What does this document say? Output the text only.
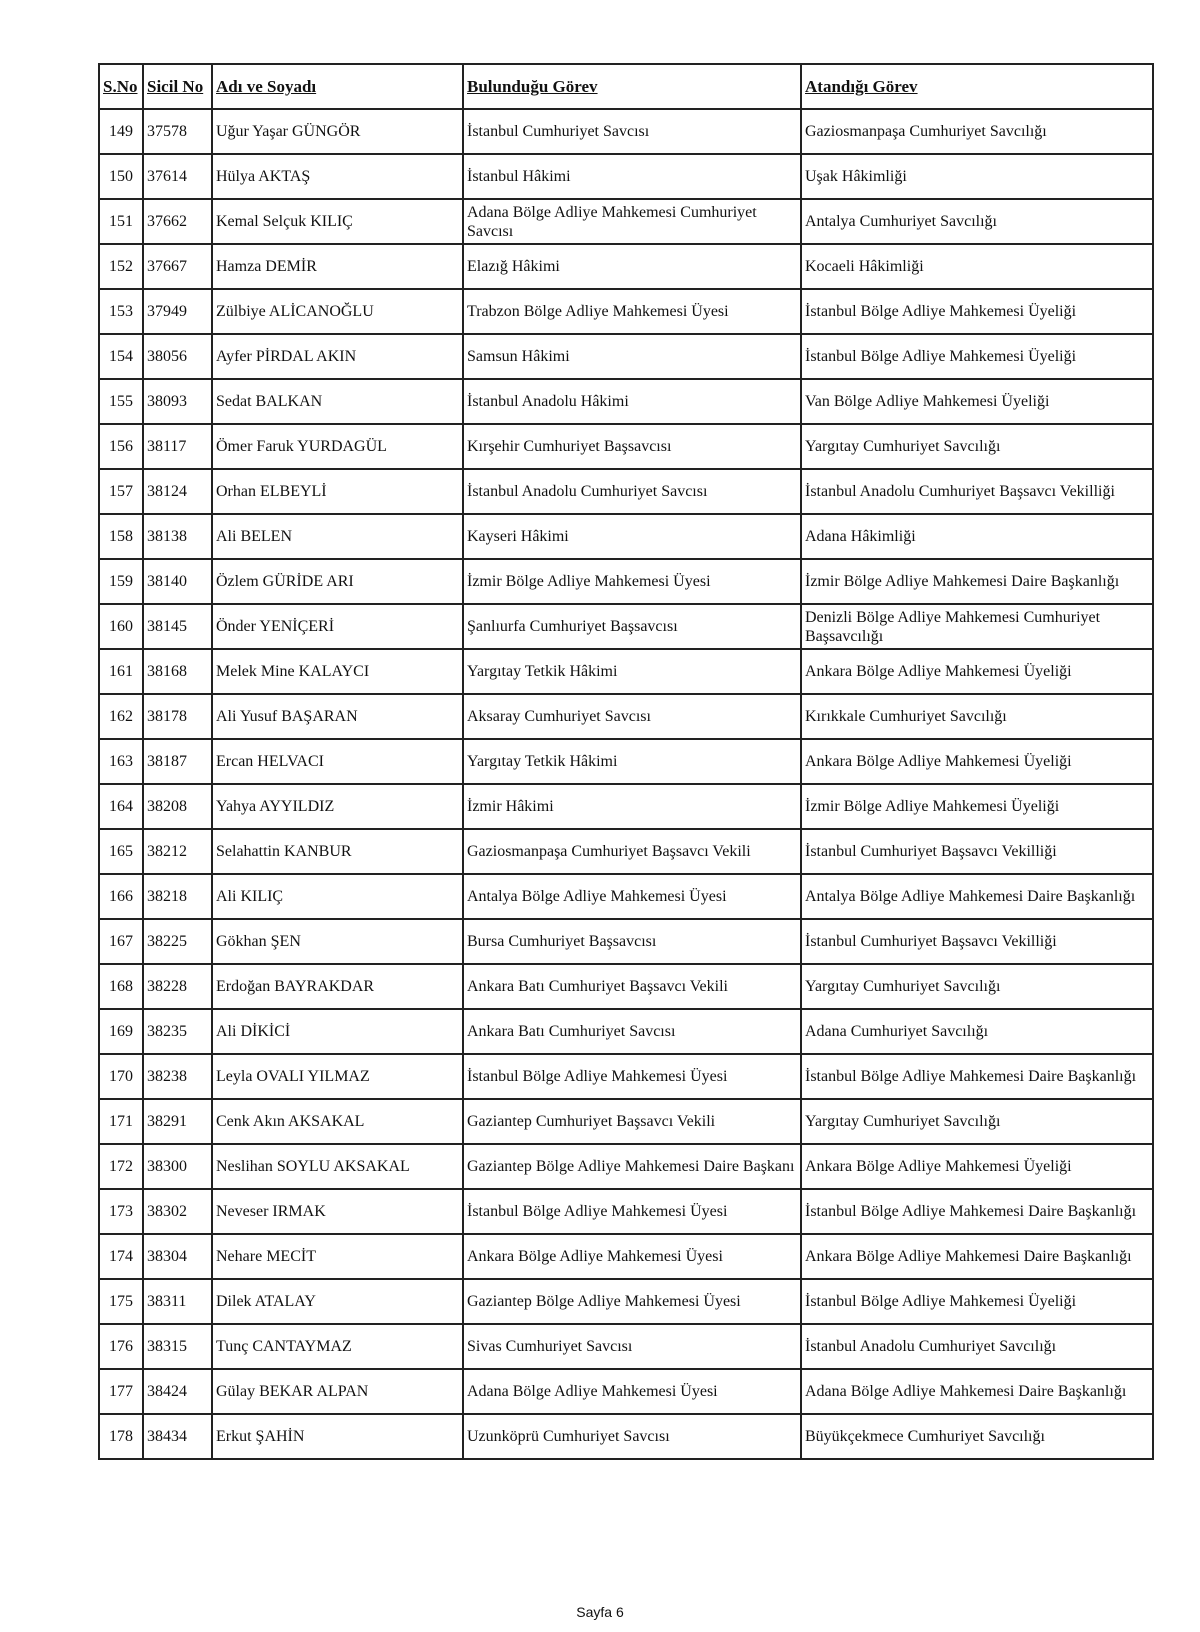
S.No	Sicil No	Adı ve Soyadı	Bulunduğu Görev	Atandığı Görev
149	37578	Uğur Yaşar GÜNGÖR	İstanbul Cumhuriyet Savcısı	Gaziosmanpaşa Cumhuriyet Savcılığı
150	37614	Hülya AKTAŞ	İstanbul Hâkimi	Uşak Hâkimliği
151	37662	Kemal Selçuk KILIÇ	Adana Bölge Adliye Mahkemesi Cumhuriyet Savcısı	Antalya Cumhuriyet Savcılığı
152	37667	Hamza DEMİR	Elazığ Hâkimi	Kocaeli Hâkimliği
153	37949	Zülbiye ALİCANOĞLU	Trabzon Bölge Adliye Mahkemesi Üyesi	İstanbul Bölge Adliye Mahkemesi Üyeliği
154	38056	Ayfer PİRDAL AKIN	Samsun Hâkimi	İstanbul Bölge Adliye Mahkemesi Üyeliği
155	38093	Sedat BALKAN	İstanbul Anadolu Hâkimi	Van Bölge Adliye Mahkemesi Üyeliği
156	38117	Ömer Faruk YURDAGÜL	Kırşehir Cumhuriyet Başsavcısı	Yargıtay Cumhuriyet Savcılığı
157	38124	Orhan ELBEYLİ	İstanbul Anadolu Cumhuriyet Savcısı	İstanbul Anadolu Cumhuriyet Başsavcı Vekilliği
158	38138	Ali BELEN	Kayseri Hâkimi	Adana Hâkimliği
159	38140	Özlem GÜRİDE ARI	İzmir Bölge Adliye Mahkemesi Üyesi	İzmir Bölge Adliye Mahkemesi Daire Başkanlığı
160	38145	Önder YENİÇERİ	Şanlıurfa Cumhuriyet Başsavcısı	Denizli Bölge Adliye Mahkemesi Cumhuriyet Başsavcılığı
161	38168	Melek Mine KALAYCI	Yargıtay Tetkik Hâkimi	Ankara Bölge Adliye Mahkemesi Üyeliği
162	38178	Ali Yusuf BAŞARAN	Aksaray Cumhuriyet Savcısı	Kırıkkale Cumhuriyet Savcılığı
163	38187	Ercan HELVACI	Yargıtay Tetkik Hâkimi	Ankara Bölge Adliye Mahkemesi Üyeliği
164	38208	Yahya AYYILDIZ	İzmir Hâkimi	İzmir Bölge Adliye Mahkemesi Üyeliği
165	38212	Selahattin KANBUR	Gaziosmanpaşa Cumhuriyet Başsavcı Vekili	İstanbul Cumhuriyet Başsavcı Vekilliği
166	38218	Ali KILIÇ	Antalya Bölge Adliye Mahkemesi Üyesi	Antalya Bölge Adliye Mahkemesi Daire Başkanlığı
167	38225	Gökhan ŞEN	Bursa Cumhuriyet Başsavcısı	İstanbul Cumhuriyet Başsavcı Vekilliği
168	38228	Erdoğan BAYRAKDAR	Ankara Batı Cumhuriyet Başsavcı Vekili	Yargıtay Cumhuriyet Savcılığı
169	38235	Ali DİKİCİ	Ankara Batı Cumhuriyet Savcısı	Adana Cumhuriyet Savcılığı
170	38238	Leyla OVALI YILMAZ	İstanbul Bölge Adliye Mahkemesi Üyesi	İstanbul Bölge Adliye Mahkemesi Daire Başkanlığı
171	38291	Cenk Akın AKSAKAL	Gaziantep Cumhuriyet Başsavcı Vekili	Yargıtay Cumhuriyet Savcılığı
172	38300	Neslihan SOYLU AKSAKAL	Gaziantep Bölge Adliye Mahkemesi Daire Başkanı	Ankara Bölge Adliye Mahkemesi Üyeliği
173	38302	Neveser IRMAK	İstanbul Bölge Adliye Mahkemesi Üyesi	İstanbul Bölge Adliye Mahkemesi Daire Başkanlığı
174	38304	Nehare MECİT	Ankara Bölge Adliye Mahkemesi Üyesi	Ankara Bölge Adliye Mahkemesi Daire Başkanlığı
175	38311	Dilek ATALAY	Gaziantep Bölge Adliye Mahkemesi Üyesi	İstanbul Bölge Adliye Mahkemesi Üyeliği
176	38315	Tunç CANTAYMAZ	Sivas Cumhuriyet Savcısı	İstanbul Anadolu Cumhuriyet Savcılığı
177	38424	Gülay BEKAR ALPAN	Adana Bölge Adliye Mahkemesi Üyesi	Adana Bölge Adliye Mahkemesi Daire Başkanlığı
178	38434	Erkut ŞAHİN	Uzunköprü Cumhuriyet Savcısı	Büyükçekmece Cumhuriyet Savcılığı
Sayfa 6
